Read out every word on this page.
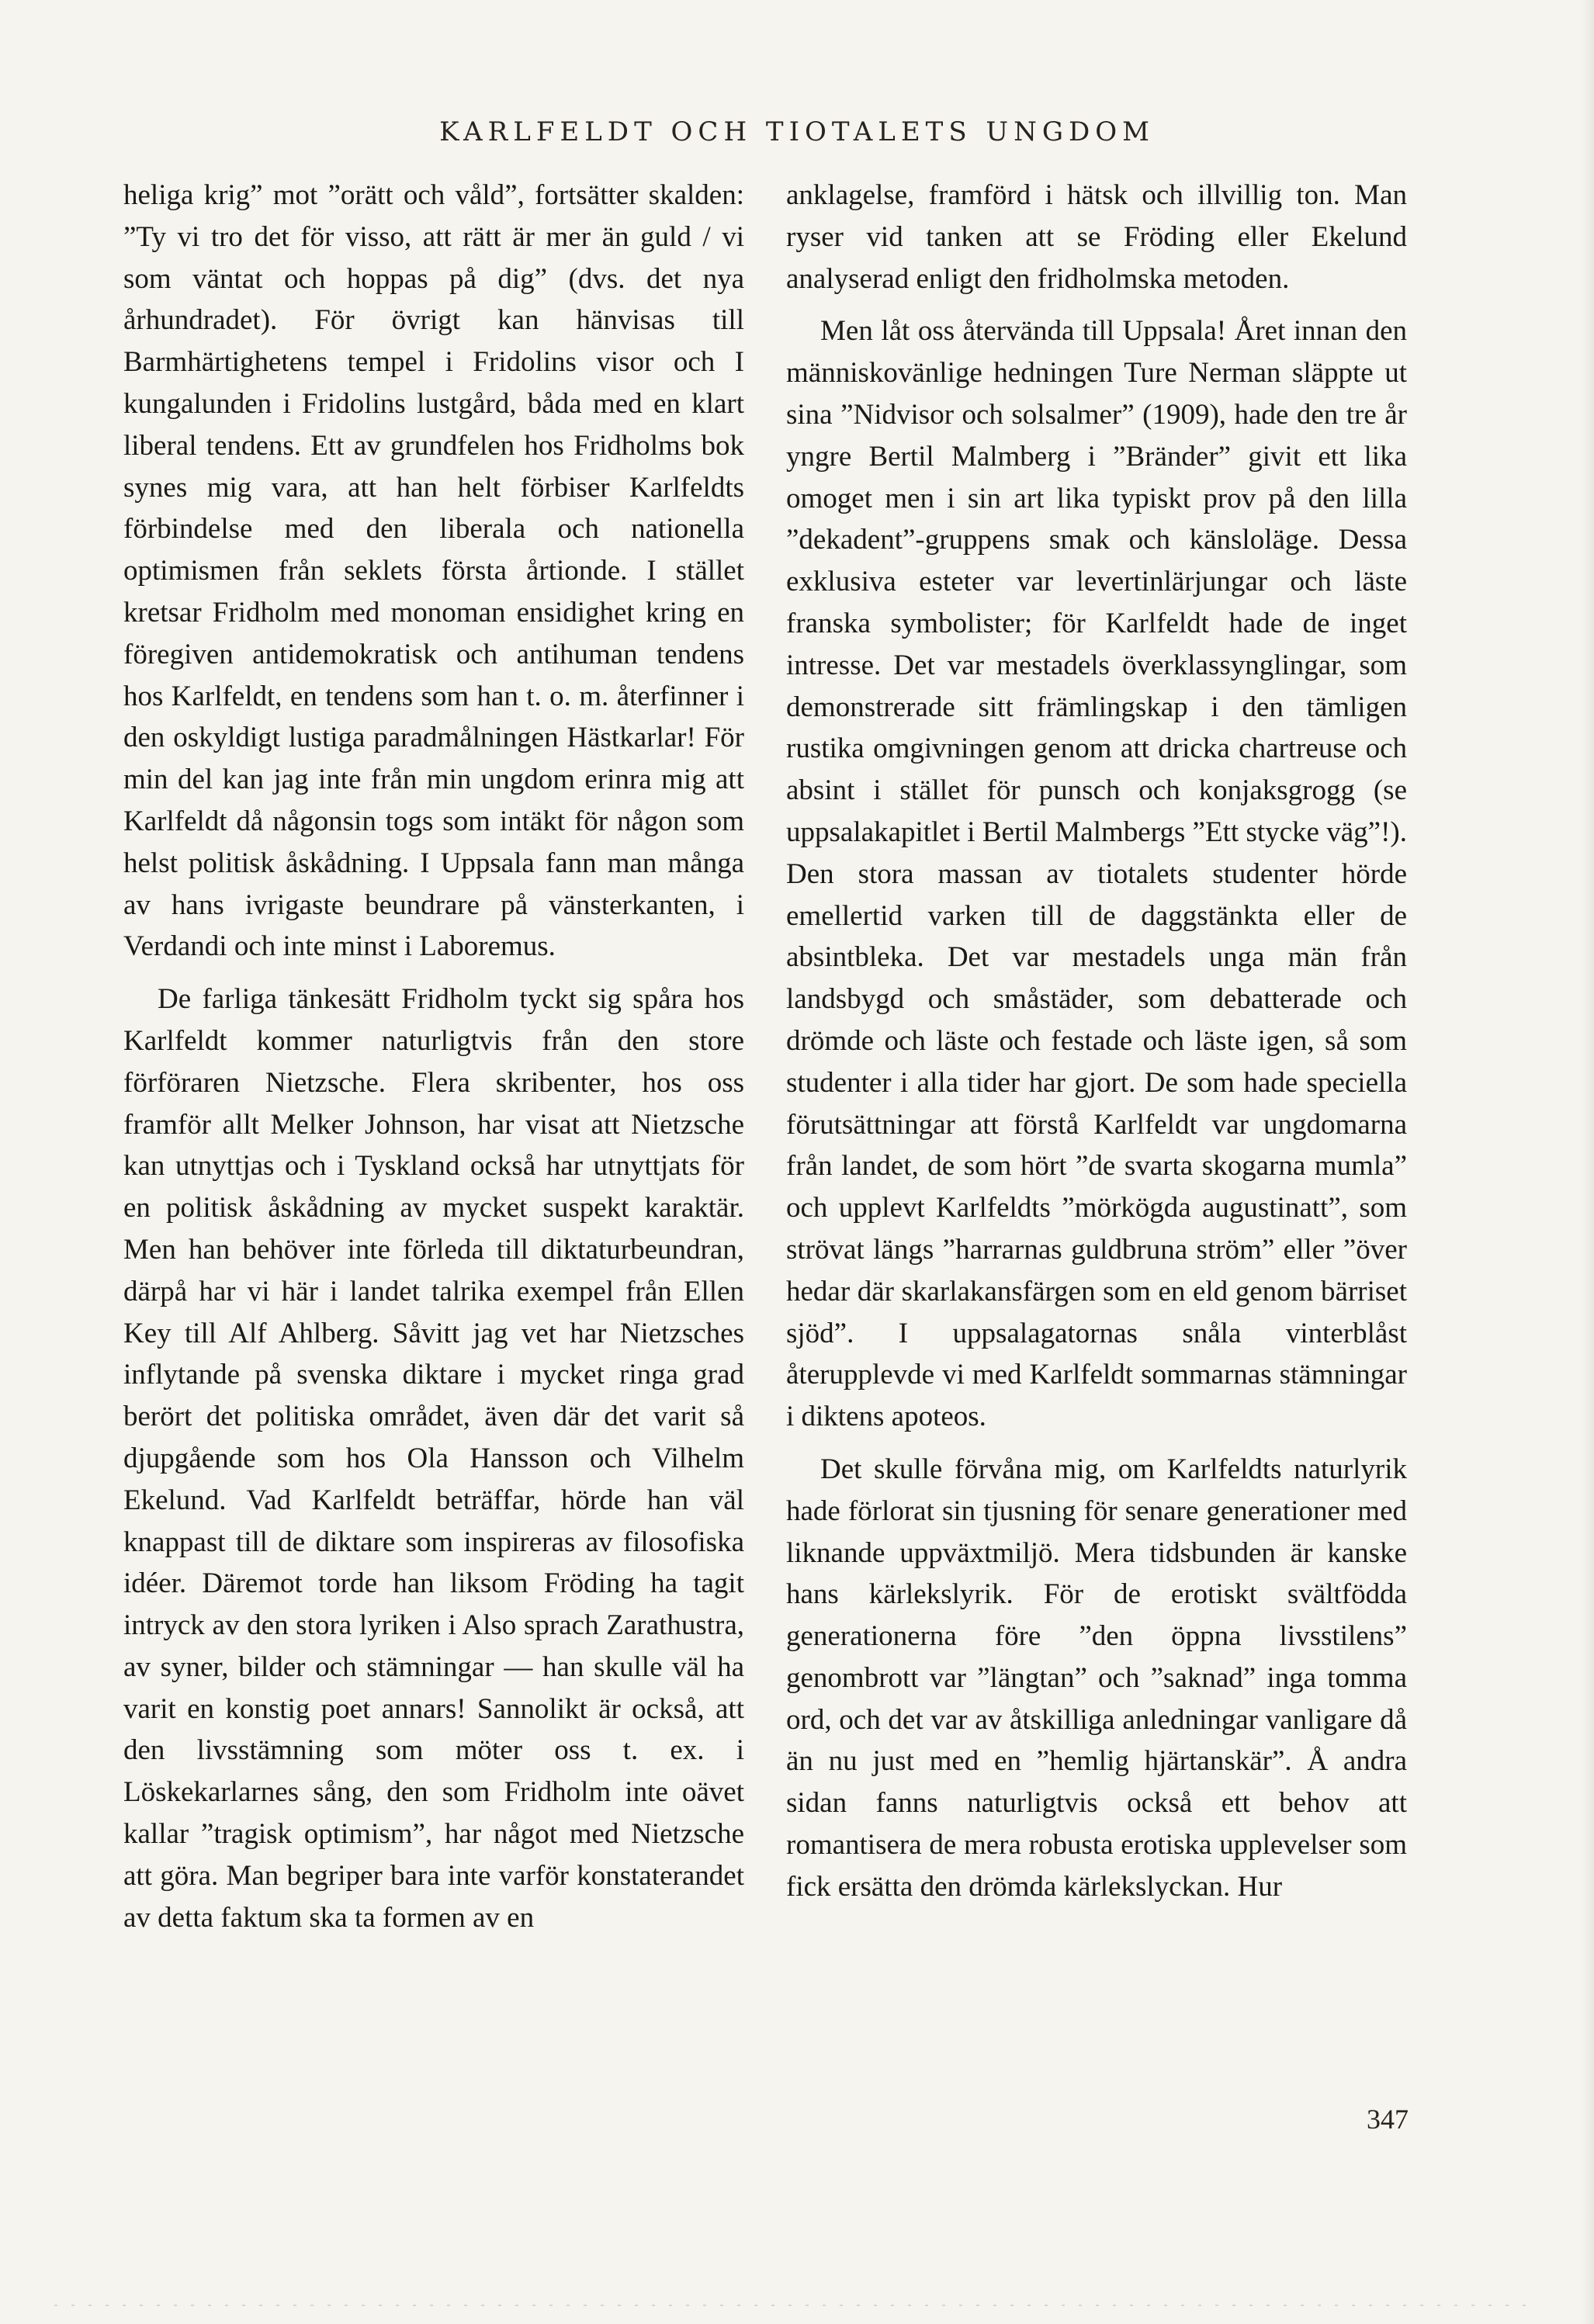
KARLFELDT OCH TIOTALETS UNGDOM

heliga krig” mot ”orätt och våld”, fortsätter skalden: ”Ty vi tro det för visso, att rätt är mer än guld / vi som väntat och hoppas på dig” (dvs. det nya århundradet). För övrigt kan hänvisas till Barmhärtighetens tempel i Fridolins visor och I kungalunden i Fridolins lustgård, båda med en klart liberal tendens. Ett av grundfelen hos Fridholms bok synes mig vara, att han helt förbiser Karlfeldts förbindelse med den liberala och nationella optimismen från seklets första årtionde. I stället kretsar Fridholm med monoman ensidighet kring en föregiven antidemokratisk och antihuman tendens hos Karlfeldt, en tendens som han t. o. m. återfinner i den oskyldigt lustiga paradmålningen Hästkarlar! För min del kan jag inte från min ungdom erinra mig att Karlfeldt då någonsin togs som intäkt för någon som helst politisk åskådning. I Uppsala fann man många av hans ivrigaste beundrare på vänsterkanten, i Verdandi och inte minst i Laboremus.

De farliga tänkesätt Fridholm tyckt sig spåra hos Karlfeldt kommer naturligtvis från den store förföraren Nietzsche. Flera skribenter, hos oss framför allt Melker Johnson, har visat att Nietzsche kan utnyttjas och i Tyskland också har utnyttjats för en politisk åskådning av mycket suspekt karaktär. Men han behöver inte förleda till diktaturbeundran, därpå har vi här i landet talrika exempel från Ellen Key till Alf Ahlberg. Såvitt jag vet har Nietzsches inflytande på svenska diktare i mycket ringa grad berört det politiska området, även där det varit så djupgående som hos Ola Hansson och Vilhelm Ekelund. Vad Karlfeldt beträffar, hörde han väl knappast till de diktare som inspireras av filosofiska idéer. Däremot torde han liksom Fröding ha tagit intryck av den stora lyriken i Also sprach Zarathustra, av syner, bilder och stämningar — han skulle väl ha varit en konstig poet annars! Sannolikt är också, att den livsstämning som möter oss t. ex. i Löskekarlarnes sång, den som Fridholm inte oävet kallar ”tragisk optimism”, har något med Nietzsche att göra. Man begriper bara inte varför konstaterandet av detta faktum ska ta formen av en

anklagelse, framförd i hätsk och illvillig ton. Man ryser vid tanken att se Fröding eller Ekelund analyserad enligt den fridholmska metoden.

Men låt oss återvända till Uppsala! Året innan den människovänlige hedningen Ture Nerman släppte ut sina ”Nidvisor och solsalmer” (1909), hade den tre år yngre Bertil Malmberg i ”Bränder” givit ett lika omoget men i sin art lika typiskt prov på den lilla ”dekadent”-gruppens smak och känsloläge. Dessa exklusiva esteter var levertinlärjungar och läste franska symbolister; för Karlfeldt hade de inget intresse. Det var mestadels överklassynglingar, som demonstrerade sitt främlingskap i den tämligen rustika omgivningen genom att dricka chartreuse och absint i stället för punsch och konjaksgrogg (se uppsalakapitlet i Bertil Malmbergs ”Ett stycke väg”!). Den stora massan av tiotalets studenter hörde emellertid varken till de daggstänkta eller de absintbleka. Det var mestadels unga män från landsbygd och småstäder, som debatterade och drömde och läste och festade och läste igen, så som studenter i alla tider har gjort. De som hade speciella förutsättningar att förstå Karlfeldt var ungdomarna från landet, de som hört ”de svarta skogarna mumla” och upplevt Karlfeldts ”mörkögda augustinatt”, som strövat längs ”harrarnas guldbruna ström” eller ”över hedar där skarlakansfärgen som en eld genom bärriset sjöd”. I uppsalagatornas snåla vinterblåst återupplevde vi med Karlfeldt sommarnas stämningar i diktens apoteos.

Det skulle förvåna mig, om Karlfeldts naturlyrik hade förlorat sin tjusning för senare generationer med liknande uppväxtmiljö. Mera tidsbunden är kanske hans kärlekslyrik. För de erotiskt svältfödda generationerna före ”den öppna livsstilens” genombrott var ”längtan” och ”saknad” inga tomma ord, och det var av åtskilliga anledningar vanligare då än nu just med en ”hemlig hjärtanskär”. Å andra sidan fanns naturligtvis också ett behov att romantisera de mera robusta erotiska upplevelser som fick ersätta den drömda kärlekslyckan. Hur

347
